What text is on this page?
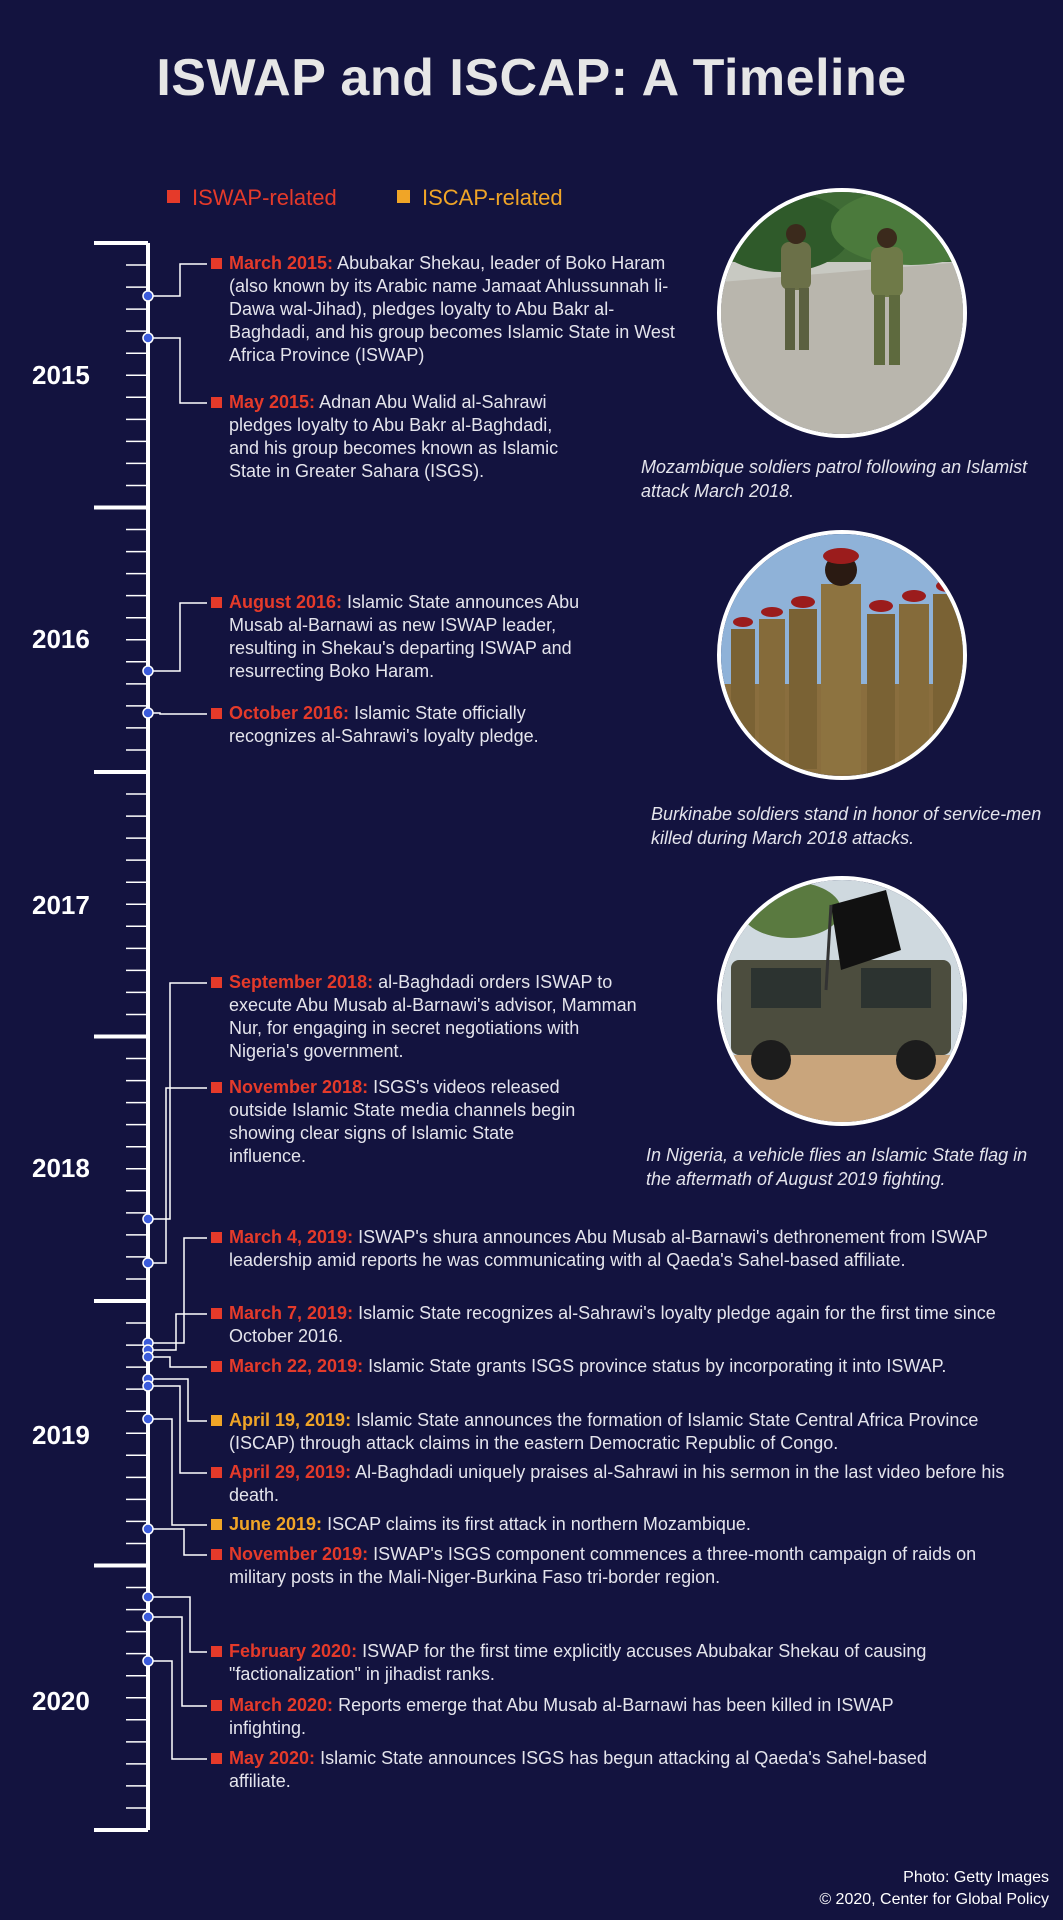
ISWAP and ISCAP: A Timeline
ISWAP-related	ISCAP-related
2015
2016
2017
2018
2019
2020
March 2015: Abubakar Shekau, leader of Boko Haram (also known by its Arabic name Jamaat Ahlussunnah li-Dawa wal-Jihad), pledges loyalty to Abu Bakr al-Baghdadi, and his group becomes Islamic State in West Africa Province (ISWAP)
May 2015: Adnan Abu Walid al-Sahrawi pledges loyalty to Abu Bakr al-Baghdadi, and his group becomes known as Islamic State in Greater Sahara (ISGS).
August 2016: Islamic State announces Abu Musab al-Barnawi as new ISWAP leader, resulting in Shekau's departing ISWAP and resurrecting Boko Haram.
October 2016: Islamic State officially recognizes al-Sahrawi's loyalty pledge.
September 2018: al-Baghdadi orders ISWAP to execute Abu Musab al-Barnawi's advisor, Mamman Nur, for engaging in secret negotiations with Nigeria's government.
November 2018: ISGS's videos released outside Islamic State media channels begin showing clear signs of Islamic State influence.
March 4, 2019: ISWAP's shura announces Abu Musab al-Barnawi's dethronement from ISWAP leadership amid reports he was communicating with al Qaeda's Sahel-based affiliate.
March 7, 2019: Islamic State recognizes al-Sahrawi's loyalty pledge again for the first time since October 2016.
March 22, 2019: Islamic State grants ISGS province status by incorporating it into ISWAP.
April 19, 2019: Islamic State announces the formation of Islamic State Central Africa Province (ISCAP) through attack claims in the eastern Democratic Republic of Congo.
April 29, 2019: Al-Baghdadi uniquely praises al-Sahrawi in his sermon in the last video before his death.
June 2019: ISCAP claims its first attack in northern Mozambique.
November 2019: ISWAP's ISGS component commences a three-month campaign of raids on military posts in the Mali-Niger-Burkina Faso tri-border region.
February 2020: ISWAP for the first time explicitly accuses Abubakar Shekau of causing "factionalization" in jihadist ranks.
March 2020: Reports emerge that Abu Musab al-Barnawi has been killed in ISWAP infighting.
May 2020: Islamic State announces ISGS has begun attacking al Qaeda's Sahel-based affiliate.
Mozambique soldiers patrol following an Islamist attack March 2018.
Burkinabe soldiers stand in honor of service-men killed during March 2018 attacks.
In Nigeria, a vehicle flies an Islamic State flag in the aftermath of August 2019 fighting.
Photo: Getty Images
© 2020, Center for Global Policy
